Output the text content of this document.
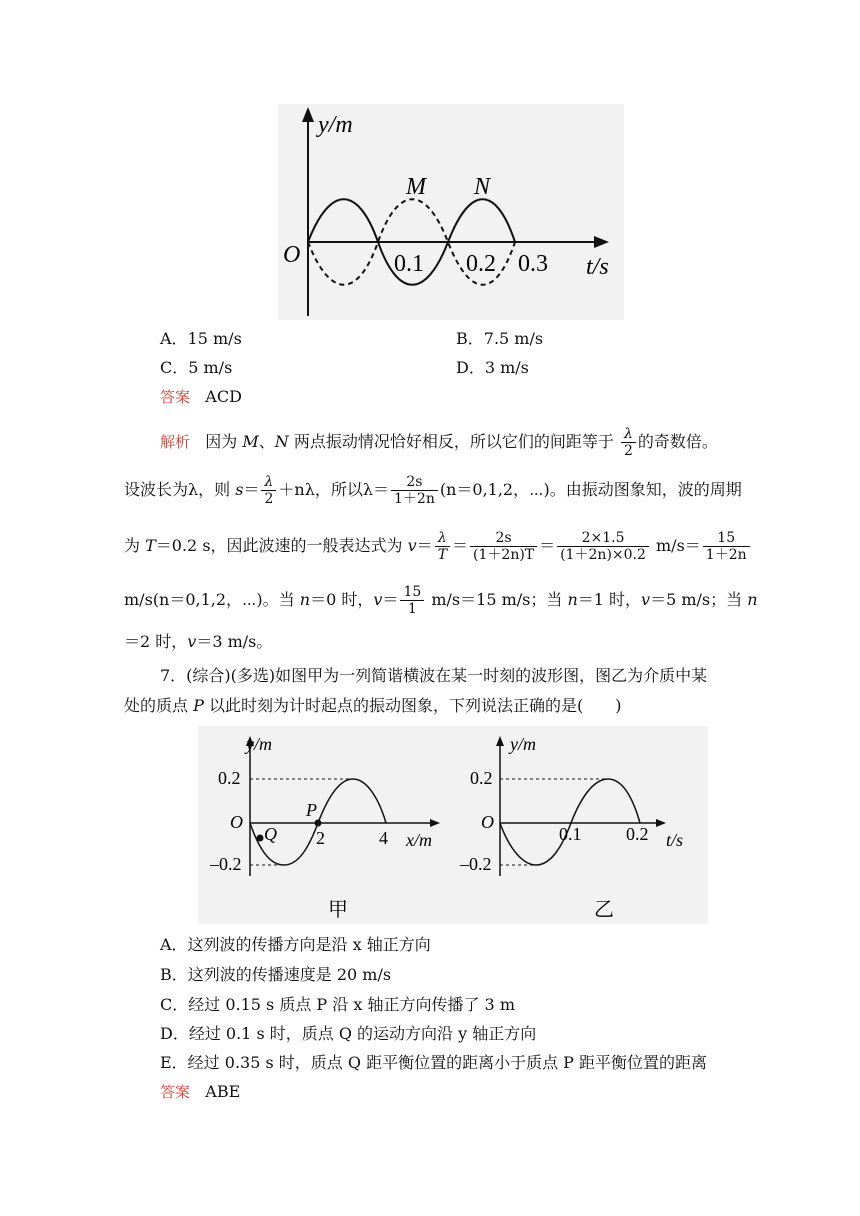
y/m
O
M N
0.1 0.2 0.3 t/s
A．15 m/s	B．7.5 m/s
C．5 m/s	D．3 m/s
答案 ACD
解析 因为 M、N 两点振动情况恰好相反，所以它们的间距等于 $\frac{\lambda}{2}$ 的奇数倍。
设波长为λ，则 $s= \frac{\lambda}{2} +n\lambda$，所以$\lambda= \frac{2s}{1+2n} (n=0,1,2$，⋯)。由振动图象知，波的周期
为 T＝0.2 s，因此波速的一般表达式为 $v= \frac{\lambda}{T} = \frac{2s}{(1+2n)T} = \frac{2\times 1.5}{(1+2n)\times 0.2} m/s= \frac{15}{1+2n}$
m/s(n＝0,1,2，⋯)。当 n＝0 时，$v= \frac{15}{1} m/s=15$ m/s；当 n＝1 时，v＝5 m/s；当 n
＝2 时，v＝3 m/s。
7．(综合)(多选)如图甲为一列简谐横波在某一时刻的波形图，图乙为介质中某
处的质点 P 以此时刻为计时起点的振动图象，下列说法正确的是(　　)
y/m
0.2
O
–0.2
Q
P
2	4 x/m
甲
y/m
0.2
O
–0.2
0.1 0.2 t/s
乙
A．这列波的传播方向是沿 x 轴正方向
B．这列波的传播速度是 20 m/s
C．经过 0.15 s 质点 P 沿 x 轴正方向传播了 3 m
D．经过 0.1 s 时，质点 Q 的运动方向沿 y 轴正方向
E．经过 0.35 s 时，质点 Q 距平衡位置的距离小于质点 P 距平衡位置的距离
答案 ABE
